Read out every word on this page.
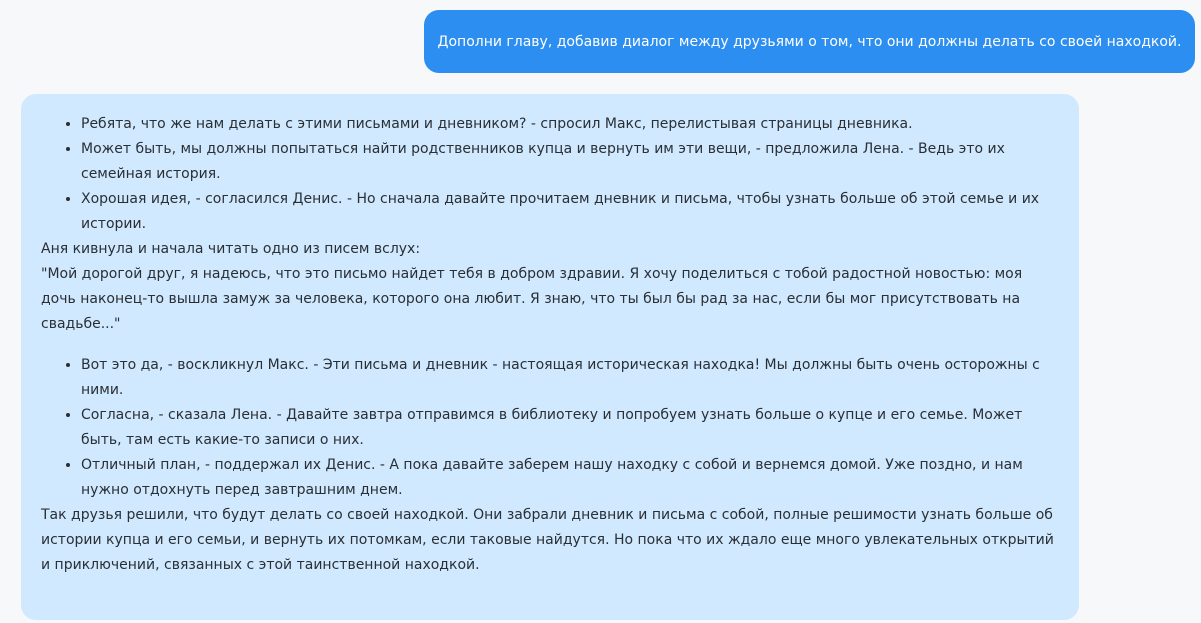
Дополни главу, добавив диалог между друзьями о том, что они должны делать со своей находкой.
• Ребята, что же нам делать с этими письмами и дневником? - спросил Макс, перелистывая страницы дневника.
• Может быть, мы должны попытаться найти родственников купца и вернуть им эти вещи, - предложила Лена. - Ведь это их семейная история.
• Хорошая идея, - согласился Денис. - Но сначала давайте прочитаем дневник и письма, чтобы узнать больше об этой семье и их истории.

Аня кивнула и начала читать одно из писем вслух:

"Мой дорогой друг, я надеюсь, что это письмо найдет тебя в добром здравии. Я хочу поделиться с тобой радостной новостью: моя дочь наконец-то вышла замуж за человека, которого она любит. Я знаю, что ты был бы рад за нас, если бы мог присутствовать на свадьбе..."

• Вот это да, - воскликнул Макс. - Эти письма и дневник - настоящая историческая находка! Мы должны быть очень осторожны с ними.
• Согласна, - сказала Лена. - Давайте завтра отправимся в библиотеку и попробуем узнать больше о купце и его семье. Может быть, там есть какие-то записи о них.
• Отличный план, - поддержал их Денис. - А пока давайте заберем нашу находку с собой и вернемся домой. Уже поздно, и нам нужно отдохнуть перед завтрашним днем.

Так друзья решили, что будут делать со своей находкой. Они забрали дневник и письма с собой, полные решимости узнать больше об истории купца и его семьи, и вернуть их потомкам, если таковые найдутся. Но пока что их ждало еще много увлекательных открытий и приключений, связанных с этой таинственной находкой.
